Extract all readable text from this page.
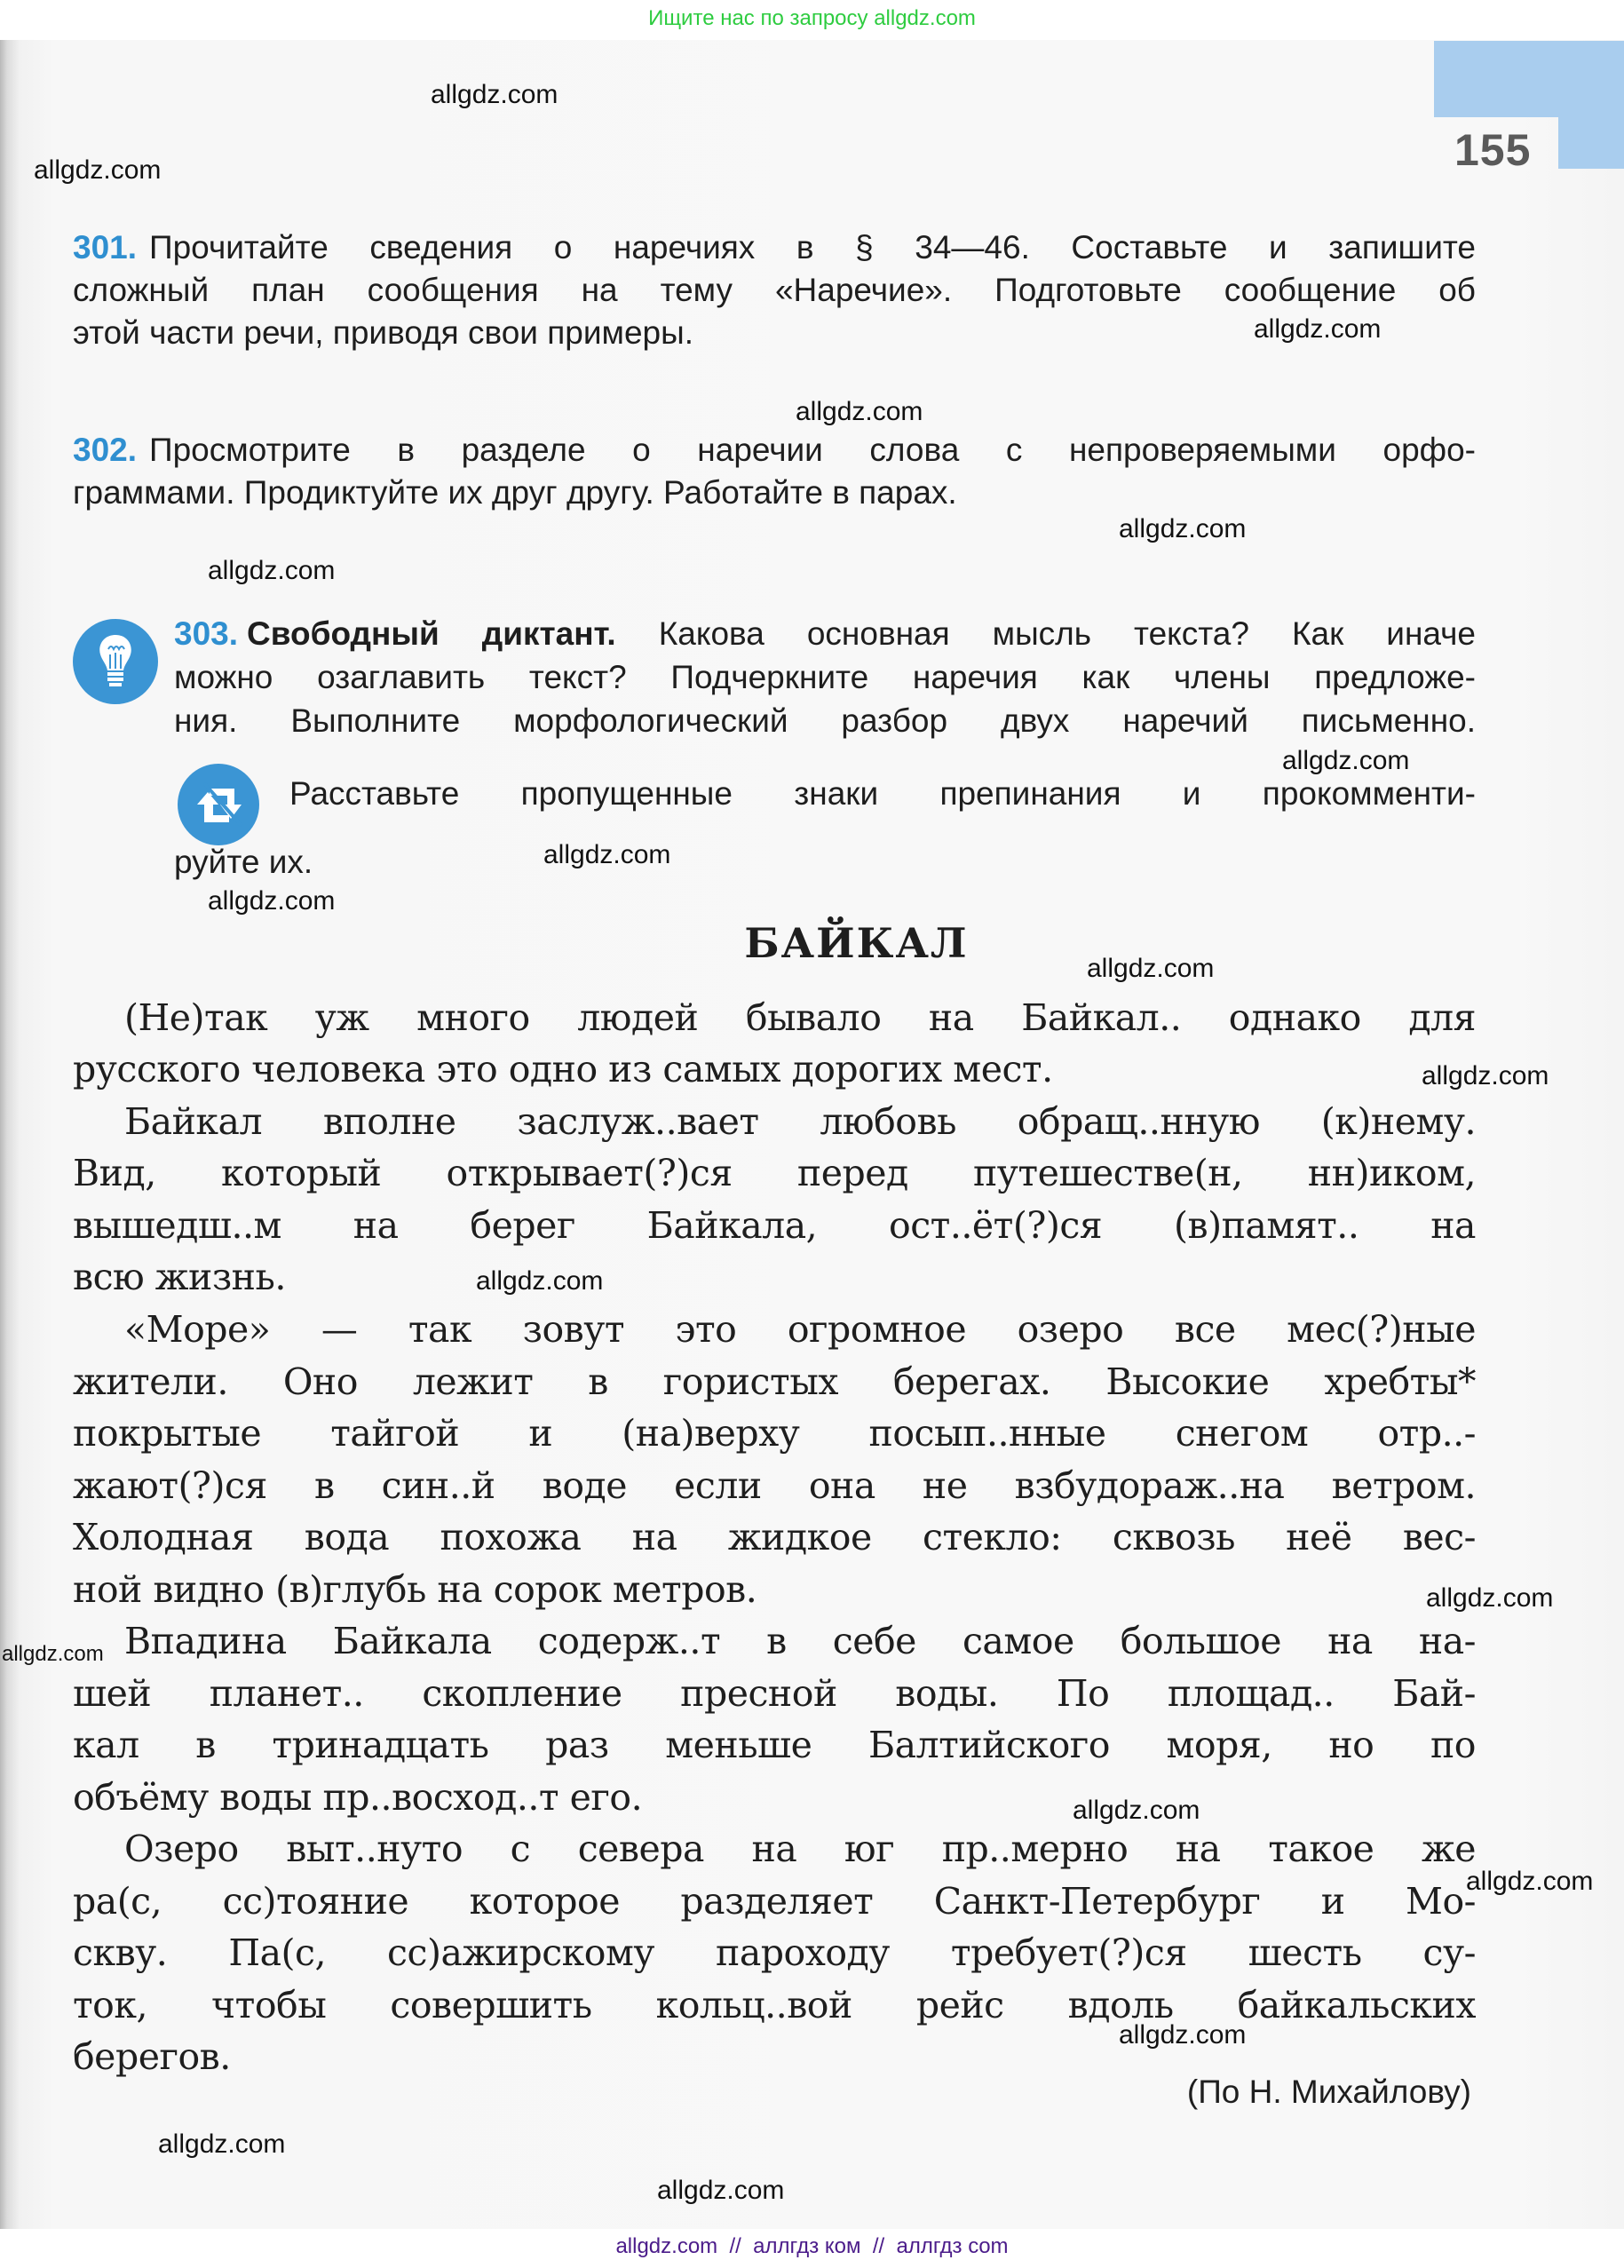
Ищите нас по запросу allgdz.com
155
301. Прочитайте сведения о наречиях в § 34—46. Составьте и запишите
сложный план сообщения на тему «Наречие». Подготовьте сообщение об
этой части речи, приводя свои примеры.
302. Просмотрите в разделе о наречии слова с непроверяемыми орфо-
граммами. Продиктуйте их друг другу. Работайте в парах.
303. Свободный диктант. Какова основная мысль текста? Как иначе
можно озаглавить текст? Подчеркните наречия как члены предложе-
ния. Выполните морфологический разбор двух наречий письменно.
Расставьте пропущенные знаки препинания и прокомменти-
руйте их.
БАЙКАЛ
(Не)так уж много людей бывало на Байкал.. однако для
русского человека это одно из самых дорогих мест.
Байкал вполне заслуж..вает любовь обращ..нную (к)нему.
Вид, который открывает(?)ся перед путешестве(н, нн)иком,
вышедш..м на берег Байкала, ост..ёт(?)ся (в)памят.. на
всю жизнь.
«Море» — так зовут это огромное озеро все мес(?)ные
жители. Оно лежит в гористых берегах. Высокие хребты*
покрытые тайгой и (на)верху посып..нные снегом отр..-
жают(?)ся в син..й воде если она не взбудораж..на ветром.
Холодная вода похожа на жидкое стекло: сквозь неё вес-
ной видно (в)глубь на сорок метров.
Впадина Байкала содерж..т в себе самое большое на на-
шей планет.. скопление пресной воды. По площад.. Бай-
кал в тринадцать раз меньше Балтийского моря, но по
объёму воды пр..восход..т его.
Озеро выт..нуто с севера на юг пр..мерно на такое же
ра(с, сс)тояние которое разделяет Санкт-Петербург и Мо-
скву. Па(с, сс)ажирскому пароходу требует(?)ся шесть су-
ток, чтобы совершить кольц..вой рейс вдоль байкальских
берегов.
(По Н. Михайлову)
allgdz.com
allgdz.com
allgdz.com
allgdz.com
allgdz.com
allgdz.com
allgdz.com
allgdz.com
allgdz.com
allgdz.com
allgdz.com
allgdz.com
allgdz.com
allgdz.com
allgdz.com
allgdz.com
allgdz.com
allgdz.com
allgdz.com
allgdz.com  //  аллгдз ком  //  аллгдз com
